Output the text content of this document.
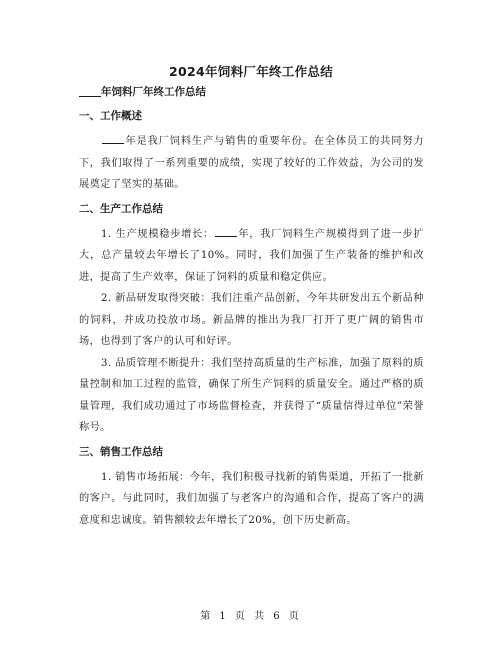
2024年饲料厂年终工作总结

年饲料厂年终工作总结

一、工作概述

年是我厂饲料生产与销售的重要年份。在全体员工的共同努力下，我们取得了一系列重要的成绩，实现了较好的工作效益，为公司的发展奠定了坚实的基础。

二、生产工作总结

1. 生产规模稳步增长： 年，我厂饲料生产规模得到了进一步扩大，总产量较去年增长了10%。同时，我们加强了生产装备的维护和改进，提高了生产效率，保证了饲料的质量和稳定供应。

2. 新品研发取得突破：我们注重产品创新，今年共研发出五个新品种的饲料，并成功投放市场。新品牌的推出为我厂打开了更广阔的销售市场，也得到了客户的认可和好评。

3. 品质管理不断提升：我们坚持高质量的生产标准，加强了原料的质量控制和加工过程的监管，确保了所生产饲料的质量安全。通过严格的质量管理，我们成功通过了市场监督检查，并获得了“质量信得过单位”荣誉称号。

三、销售工作总结

1. 销售市场拓展：今年，我们积极寻找新的销售渠道，开拓了一批新的客户。与此同时，我们加强了与老客户的沟通和合作，提高了客户的满意度和忠诚度。销售额较去年增长了20%，创下历史新高。

第 1 页 共 6 页
